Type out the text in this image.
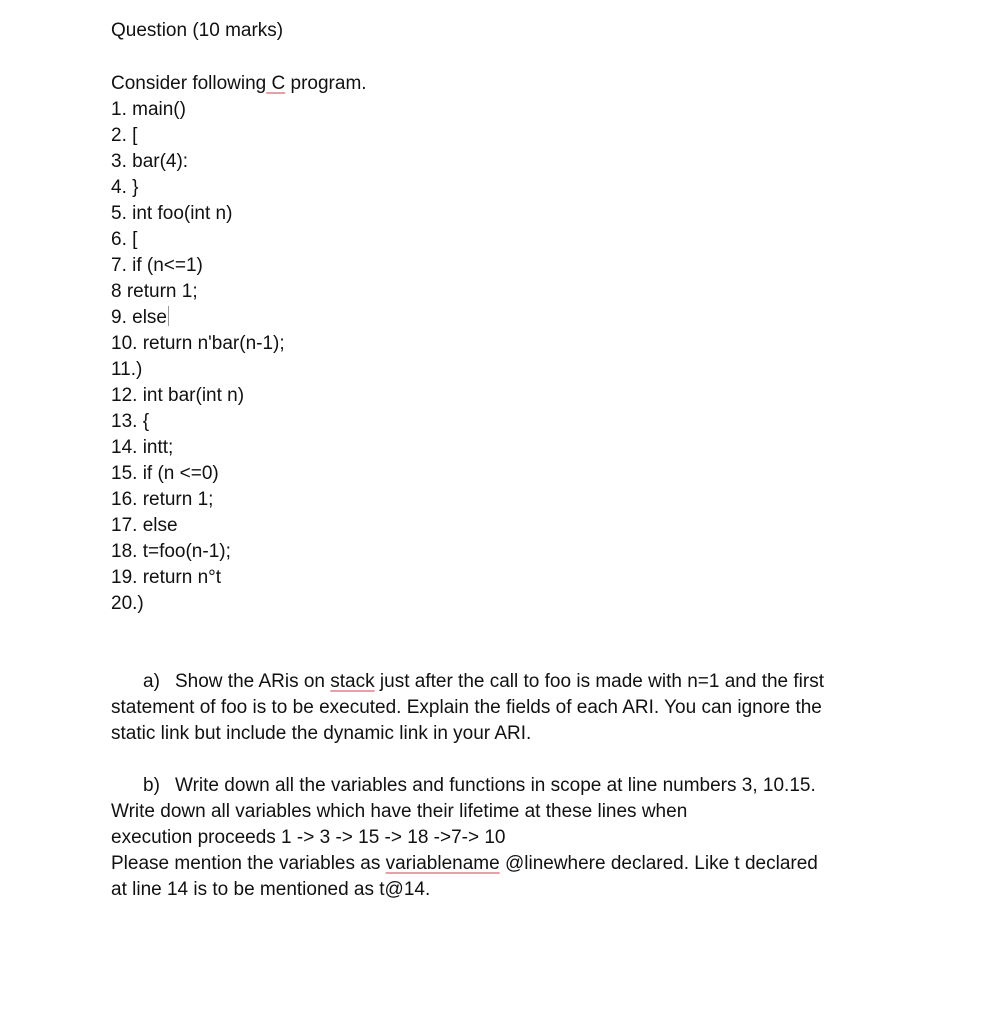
Question (10 marks)

Consider following C program.
1. main()
2. [
3. bar(4):
4. }
5. int foo(int n)
6. [
7. if (n<=1)
8 return 1;
9. else
10. return n'bar(n-1);
11.)
12. int bar(int n)
13. {
14. intt;
15. if (n <=0)
16. return 1;
17. else
18. t=foo(n-1);
19. return n°t
20.)
a) Show the ARis on stack just after the call to foo is made with n=1 and the first
statement of foo is to be executed. Explain the fields of each ARI. You can ignore the
static link but include the dynamic link in your ARI.
b) Write down all the variables and functions in scope at line numbers 3, 10.15.
Write down all variables which have their lifetime at these lines when
execution proceeds 1 -> 3 -> 15 -> 18 ->7-> 10
Please mention the variables as variablename @linewhere declared. Like t declared
at line 14 is to be mentioned as t@14.
